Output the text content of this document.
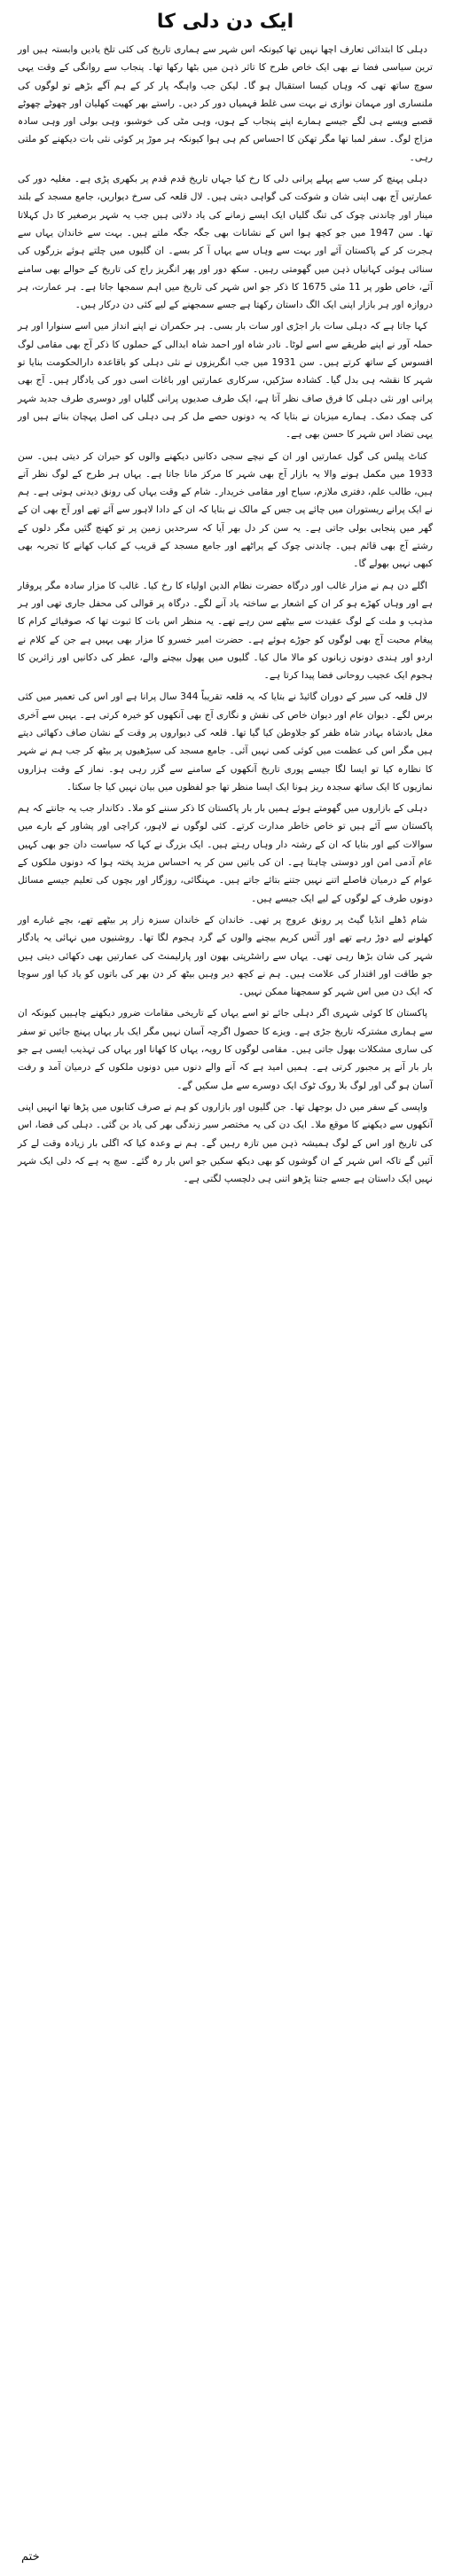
ایک دن دلی کا

دہلی کا ابتدائی تعارف اچھا نہیں تھا کیونکہ اس شہر سے ہماری تاریخ کی کئی تلخ یادیں وابستہ ہیں اور ترین سیاسی فضا نے بھی ایک خاص طرح کا تاثر ذہن میں بٹھا رکھا تھا۔ پنجاب سے روانگی کے وقت یہی سوچ ساتھ تھی کہ وہاں کیسا استقبال ہو گا۔ لیکن جب واہگہ پار کر کے ہم آگے بڑھے تو لوگوں کی ملنساری اور مہمان نوازی نے بہت سی غلط فہمیاں دور کر دیں۔ راستے بھر کھیت کھلیان اور چھوٹے چھوٹے قصبے ویسے ہی لگے جیسے ہمارے اپنے پنجاب کے ہوں، وہی مٹی کی خوشبو، وہی بولی اور وہی سادہ مزاج لوگ۔ سفر لمبا تھا مگر تھکن کا احساس کم ہی ہوا کیونکہ ہر موڑ پر کوئی نئی بات دیکھنے کو ملتی رہی۔

دہلی پہنچ کر سب سے پہلے پرانی دلی کا رخ کیا جہاں تاریخ قدم قدم پر بکھری پڑی ہے۔ مغلیہ دور کی عمارتیں آج بھی اپنی شان و شوکت کی گواہی دیتی ہیں۔ لال قلعہ کی سرخ دیواریں، جامع مسجد کے بلند مینار اور چاندنی چوک کی تنگ گلیاں ایک ایسے زمانے کی یاد دلاتی ہیں جب یہ شہر برصغیر کا دل کہلاتا تھا۔ سن 1947 میں جو کچھ ہوا اس کے نشانات بھی جگہ جگہ ملتے ہیں۔ بہت سے خاندان یہاں سے ہجرت کر کے پاکستان آئے اور بہت سے وہاں سے یہاں آ کر بسے۔ ان گلیوں میں چلتے ہوئے بزرگوں کی سنائی ہوئی کہانیاں ذہن میں گھومتی رہیں۔ سکھ دور اور پھر انگریز راج کی تاریخ کے حوالے بھی سامنے آئے، خاص طور پر 11 مئی 1675 کا ذکر جو اس شہر کی تاریخ میں اہم سمجھا جاتا ہے۔ ہر عمارت، ہر دروازہ اور ہر بازار اپنی ایک الگ داستان رکھتا ہے جسے سمجھنے کے لیے کئی دن درکار ہیں۔

کہا جاتا ہے کہ دہلی سات بار اجڑی اور سات بار بسی۔ ہر حکمران نے اپنے انداز میں اسے سنوارا اور ہر حملہ آور نے اپنے طریقے سے اسے لوٹا۔ نادر شاہ اور احمد شاہ ابدالی کے حملوں کا ذکر آج بھی مقامی لوگ افسوس کے ساتھ کرتے ہیں۔ سن 1931 میں جب انگریزوں نے نئی دہلی کو باقاعدہ دارالحکومت بنایا تو شہر کا نقشہ ہی بدل گیا۔ کشادہ سڑکیں، سرکاری عمارتیں اور باغات اسی دور کی یادگار ہیں۔ آج بھی پرانی اور نئی دہلی کا فرق صاف نظر آتا ہے، ایک طرف صدیوں پرانی گلیاں اور دوسری طرف جدید شہر کی چمک دمک۔ ہمارے میزبان نے بتایا کہ یہ دونوں حصے مل کر ہی دہلی کی اصل پہچان بناتے ہیں اور یہی تضاد اس شہر کا حسن بھی ہے۔

کناٹ پیلس کی گول عمارتیں اور ان کے نیچے سجی دکانیں دیکھنے والوں کو حیران کر دیتی ہیں۔ سن 1933 میں مکمل ہونے والا یہ بازار آج بھی شہر کا مرکز مانا جاتا ہے۔ یہاں ہر طرح کے لوگ نظر آتے ہیں، طالب علم، دفتری ملازم، سیاح اور مقامی خریدار۔ شام کے وقت یہاں کی رونق دیدنی ہوتی ہے۔ ہم نے ایک پرانے ریستوران میں چائے پی جس کے مالک نے بتایا کہ ان کے دادا لاہور سے آئے تھے اور آج بھی ان کے گھر میں پنجابی بولی جاتی ہے۔ یہ سن کر دل بھر آیا کہ سرحدیں زمین پر تو کھنچ گئیں مگر دلوں کے رشتے آج بھی قائم ہیں۔ چاندنی چوک کے پراٹھے اور جامع مسجد کے قریب کے کباب کھانے کا تجربہ بھی کبھی نہیں بھولے گا۔

اگلے دن ہم نے مزار غالب اور درگاہ حضرت نظام الدین اولیاء کا رخ کیا۔ غالب کا مزار سادہ مگر پروقار ہے اور وہاں کھڑے ہو کر ان کے اشعار بے ساختہ یاد آنے لگے۔ درگاہ پر قوالی کی محفل جاری تھی اور ہر مذہب و ملت کے لوگ عقیدت سے بیٹھے سن رہے تھے۔ یہ منظر اس بات کا ثبوت تھا کہ صوفیائے کرام کا پیغام محبت آج بھی لوگوں کو جوڑے ہوئے ہے۔ حضرت امیر خسرو کا مزار بھی یہیں ہے جن کے کلام نے اردو اور ہندی دونوں زبانوں کو مالا مال کیا۔ گلیوں میں پھول بیچنے والے، عطر کی دکانیں اور زائرین کا ہجوم ایک عجیب روحانی فضا پیدا کرتا ہے۔

لال قلعہ کی سیر کے دوران گائیڈ نے بتایا کہ یہ قلعہ تقریباً 344 سال پرانا ہے اور اس کی تعمیر میں کئی برس لگے۔ دیوان عام اور دیوان خاص کی نقش و نگاری آج بھی آنکھوں کو خیرہ کرتی ہے۔ یہیں سے آخری مغل بادشاہ بہادر شاہ ظفر کو جلاوطن کیا گیا تھا۔ قلعہ کی دیواروں پر وقت کے نشان صاف دکھائی دیتے ہیں مگر اس کی عظمت میں کوئی کمی نہیں آئی۔ جامع مسجد کی سیڑھیوں پر بیٹھ کر جب ہم نے شہر کا نظارہ کیا تو ایسا لگا جیسے پوری تاریخ آنکھوں کے سامنے سے گزر رہی ہو۔ نماز کے وقت ہزاروں نمازیوں کا ایک ساتھ سجدہ ریز ہونا ایک ایسا منظر تھا جو لفظوں میں بیان نہیں کیا جا سکتا۔

دہلی کے بازاروں میں گھومتے ہوئے ہمیں بار بار پاکستان کا ذکر سننے کو ملا۔ دکاندار جب یہ جانتے کہ ہم پاکستان سے آئے ہیں تو خاص خاطر مدارت کرتے۔ کئی لوگوں نے لاہور، کراچی اور پشاور کے بارے میں سوالات کیے اور بتایا کہ ان کے رشتہ دار وہاں رہتے ہیں۔ ایک بزرگ نے کہا کہ سیاست دان جو بھی کہیں عام آدمی امن اور دوستی چاہتا ہے۔ ان کی باتیں سن کر یہ احساس مزید پختہ ہوا کہ دونوں ملکوں کے عوام کے درمیان فاصلے اتنے نہیں جتنے بتائے جاتے ہیں۔ مہنگائی، روزگار اور بچوں کی تعلیم جیسے مسائل دونوں طرف کے لوگوں کے لیے ایک جیسے ہیں۔

شام ڈھلے انڈیا گیٹ پر رونق عروج پر تھی۔ خاندان کے خاندان سبزہ زار پر بیٹھے تھے، بچے غبارے اور کھلونے لیے دوڑ رہے تھے اور آئس کریم بیچنے والوں کے گرد ہجوم لگا تھا۔ روشنیوں میں نہائی یہ یادگار شہر کی شان بڑھا رہی تھی۔ یہاں سے راشٹرپتی بھون اور پارلیمنٹ کی عمارتیں بھی دکھائی دیتی ہیں جو طاقت اور اقتدار کی علامت ہیں۔ ہم نے کچھ دیر وہیں بیٹھ کر دن بھر کی باتوں کو یاد کیا اور سوچا کہ ایک دن میں اس شہر کو سمجھنا ممکن نہیں۔

پاکستان کا کوئی شہری اگر دہلی جائے تو اسے یہاں کے تاریخی مقامات ضرور دیکھنے چاہییں کیونکہ ان سے ہماری مشترکہ تاریخ جڑی ہے۔ ویزے کا حصول اگرچہ آسان نہیں مگر ایک بار یہاں پہنچ جائیں تو سفر کی ساری مشکلات بھول جاتی ہیں۔ مقامی لوگوں کا رویہ، یہاں کا کھانا اور یہاں کی تہذیب ایسی ہے جو بار بار آنے پر مجبور کرتی ہے۔ ہمیں امید ہے کہ آنے والے دنوں میں دونوں ملکوں کے درمیان آمد و رفت آسان ہو گی اور لوگ بلا روک ٹوک ایک دوسرے سے مل سکیں گے۔

واپسی کے سفر میں دل بوجھل تھا۔ جن گلیوں اور بازاروں کو ہم نے صرف کتابوں میں پڑھا تھا انہیں اپنی آنکھوں سے دیکھنے کا موقع ملا۔ ایک دن کی یہ مختصر سیر زندگی بھر کی یاد بن گئی۔ دہلی کی فضا، اس کی تاریخ اور اس کے لوگ ہمیشہ ذہن میں تازہ رہیں گے۔ ہم نے وعدہ کیا کہ اگلی بار زیادہ وقت لے کر آئیں گے تاکہ اس شہر کے ان گوشوں کو بھی دیکھ سکیں جو اس بار رہ گئے۔ سچ یہ ہے کہ دلی ایک شہر نہیں ایک داستان ہے جسے جتنا پڑھو اتنی ہی دلچسپ لگتی ہے۔

ختم
